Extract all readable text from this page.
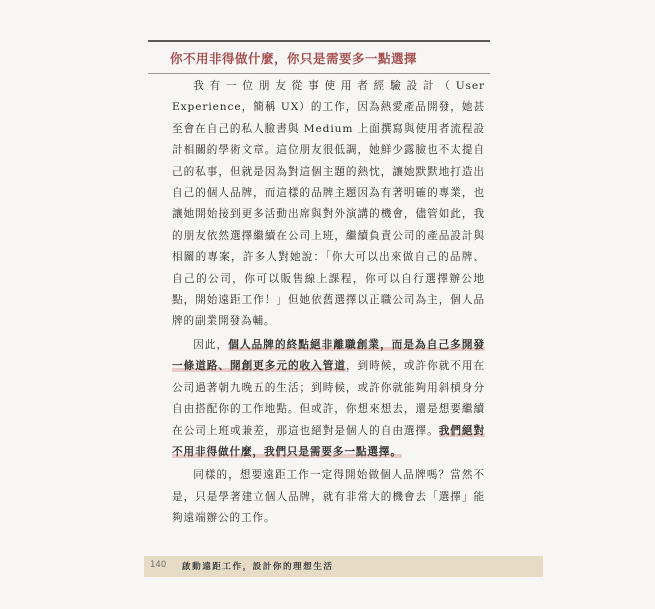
你不用非得做什麼，你只是需要多一點選擇

我有一位朋友從事使用者經驗設計（User Experience，簡稱 UX）的工作，因為熱愛產品開發，她甚至會在自己的私人臉書與 Medium 上面撰寫與使用者流程設計相關的學術文章。這位朋友很低調，她鮮少露臉也不太提自己的私事，但就是因為對這個主題的熱忱，讓她默默地打造出自己的個人品牌，而這樣的品牌主題因為有著明確的專業，也讓她開始接到更多活動出席與對外演講的機會，儘管如此，我的朋友依然選擇繼續在公司上班，繼續負責公司的產品設計與相關的專案，許多人對她說：「你大可以出來做自己的品牌、自己的公司，你可以販售線上課程，你可以自行選擇辦公地點，開始遠距工作！」但她依舊選擇以正職公司為主，個人品牌的副業開發為輔。

因此，個人品牌的終點絕非離職創業，而是為自己多開發一條道路、開創更多元的收入管道，到時候，或許你就不用在公司過著朝九晚五的生活；到時候，或許你就能夠用斜槓身分自由搭配你的工作地點。但或許，你想來想去，還是想要繼續在公司上班或兼差，那這也絕對是個人的自由選擇。我們絕對不用非得做什麼，我們只是需要多一點選擇。

同樣的，想要遠距工作一定得開始做個人品牌嗎？當然不是，只是學著建立個人品牌，就有非常大的機會去「選擇」能夠遠端辦公的工作。

140 啟動遠距工作，設計你的理想生活
